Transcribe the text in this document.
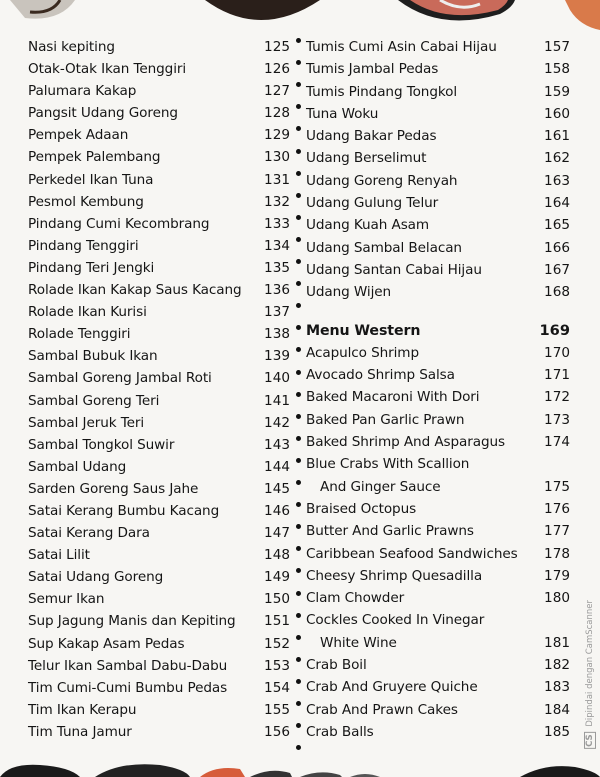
Nasi kepiting	125
Otak-Otak Ikan Tenggiri	126
Palumara Kakap	127
Pangsit Udang Goreng	128
Pempek Adaan	129
Pempek Palembang	130
Perkedel Ikan Tuna	131
Pesmol Kembung	132
Pindang Cumi Kecombrang	133
Pindang Tenggiri	134
Pindang Teri Jengki	135
Rolade Ikan Kakap Saus Kacang 136
Rolade Ikan Kurisi	137
Rolade Tenggiri	138
Sambal Bubuk Ikan	139
Sambal Goreng Jambal Roti	140
Sambal Goreng Teri	141
Sambal Jeruk Teri	142
Sambal Tongkol Suwir	143
Sambal Udang	144
Sarden Goreng Saus Jahe	145
Satai Kerang Bumbu Kacang	146
Satai Kerang Dara	147
Satai Lilit	148
Satai Udang Goreng	149
Semur Ikan	150
Sup Jagung Manis dan Kepiting 151
Sup Kakap Asam Pedas	152
Telur Ikan Sambal Dabu-Dabu	153
Tim Cumi-Cumi Bumbu Pedas	154
Tim Ikan Kerapu	155
Tim Tuna Jamur	156
Tumis Cumi Asin Cabai Hijau	157
Tumis Jambal Pedas	158
Tumis Pindang Tongkol	159
Tuna Woku	160
Udang Bakar Pedas	161
Udang Berselimut	162
Udang Goreng Renyah	163
Udang Gulung Telur	164
Udang Kuah Asam	165
Udang Sambal Belacan	166
Udang Santan Cabai Hijau	167
Udang Wijen	168
Menu Western	169
Acapulco Shrimp	170
Avocado Shrimp Salsa	171
Baked Macaroni With Dori	172
Baked Pan Garlic Prawn	173
Baked Shrimp And Asparagus	174
Blue Crabs With Scallion
And Ginger Sauce	175
Braised Octopus	176
Butter And Garlic Prawns	177
Caribbean Seafood Sandwiches 178
Cheesy Shrimp Quesadilla	179
Clam Chowder	180
Cockles Cooked In Vinegar
White Wine	181
Crab Boil	182
Crab And Gruyere Quiche	183
Crab And Prawn Cakes	184
Crab Balls	185
CS Dipindai dengan CamScanner
